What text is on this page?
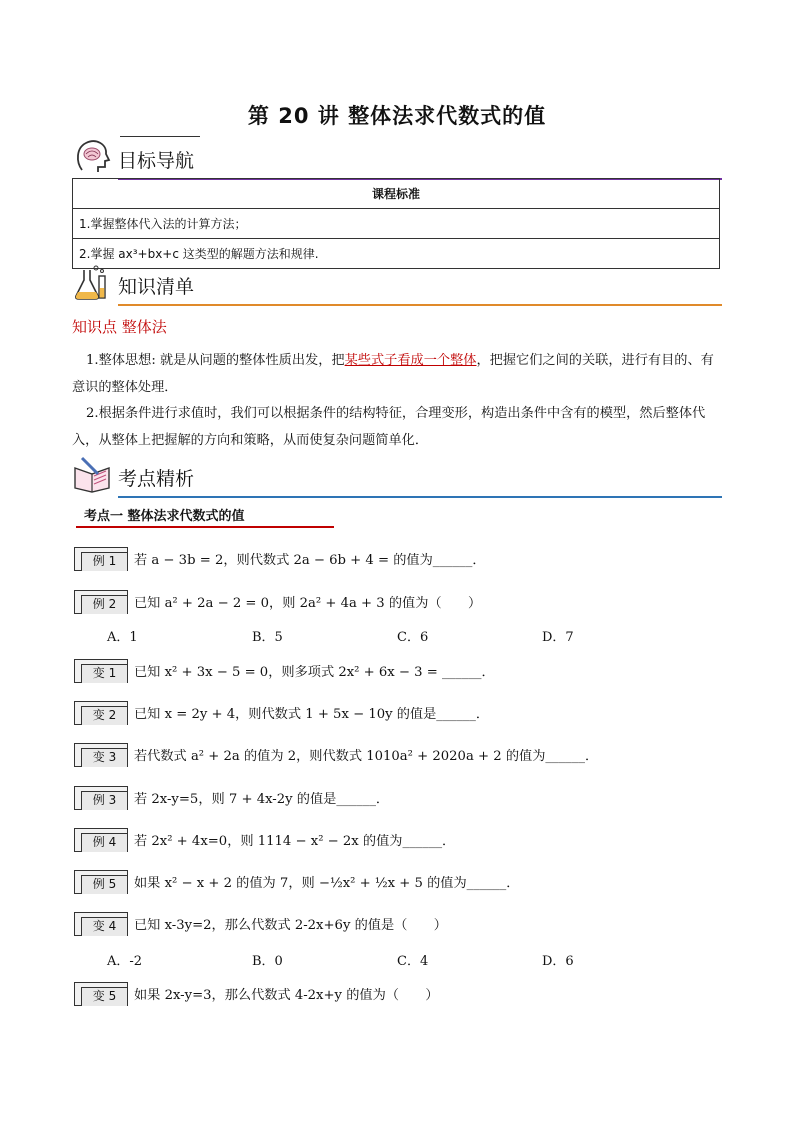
第 20 讲 整体法求代数式的值
目标导航
课程标准
1.掌握整体代入法的计算方法；
2.掌握 ax³+bx+c 这类型的解题方法和规律.
知识清单
知识点 整体法
1.整体思想: 就是从问题的整体性质出发，把某些式子看成一个整体，把握它们之间的关联，进行有目的、有意识的整体处理．
2.根据条件进行求值时，我们可以根据条件的结构特征，合理变形，构造出条件中含有的模型，然后整体代入，从整体上把握解的方向和策略，从而使复杂问题简单化．
考点精析
考点一 整体法求代数式的值
例 1	若 a − 3b = 2，则代数式 2a − 6b + 4 = 的值为______．
例 2	已知 a² + 2a − 2 = 0，则 2a² + 4a + 3 的值为（　　）
A．1	B．5	C．6	D．7
变 1	已知 x² + 3x − 5 = 0，则多项式 2x² + 6x − 3 = ______．
变 2	已知 x = 2y + 4，则代数式 1 + 5x − 10y 的值是______．
变 3	若代数式 a² + 2a 的值为 2，则代数式 1010a² + 2020a + 2 的值为______．
例 3	若 2x-y=5，则 7 + 4x-2y 的值是______．
例 4	若 2x² + 4x=0，则 1114 − x² − 2x 的值为______．
例 5	如果 x² − x + 2 的值为 7，则 −½x² + ½x + 5 的值为______．
变 4	已知 x-3y=2，那么代数式 2-2x+6y 的值是（　　）
A．-2	B．0	C．4	D．6
变 5	如果 2x-y=3，那么代数式 4-2x+y 的值为（　　）
